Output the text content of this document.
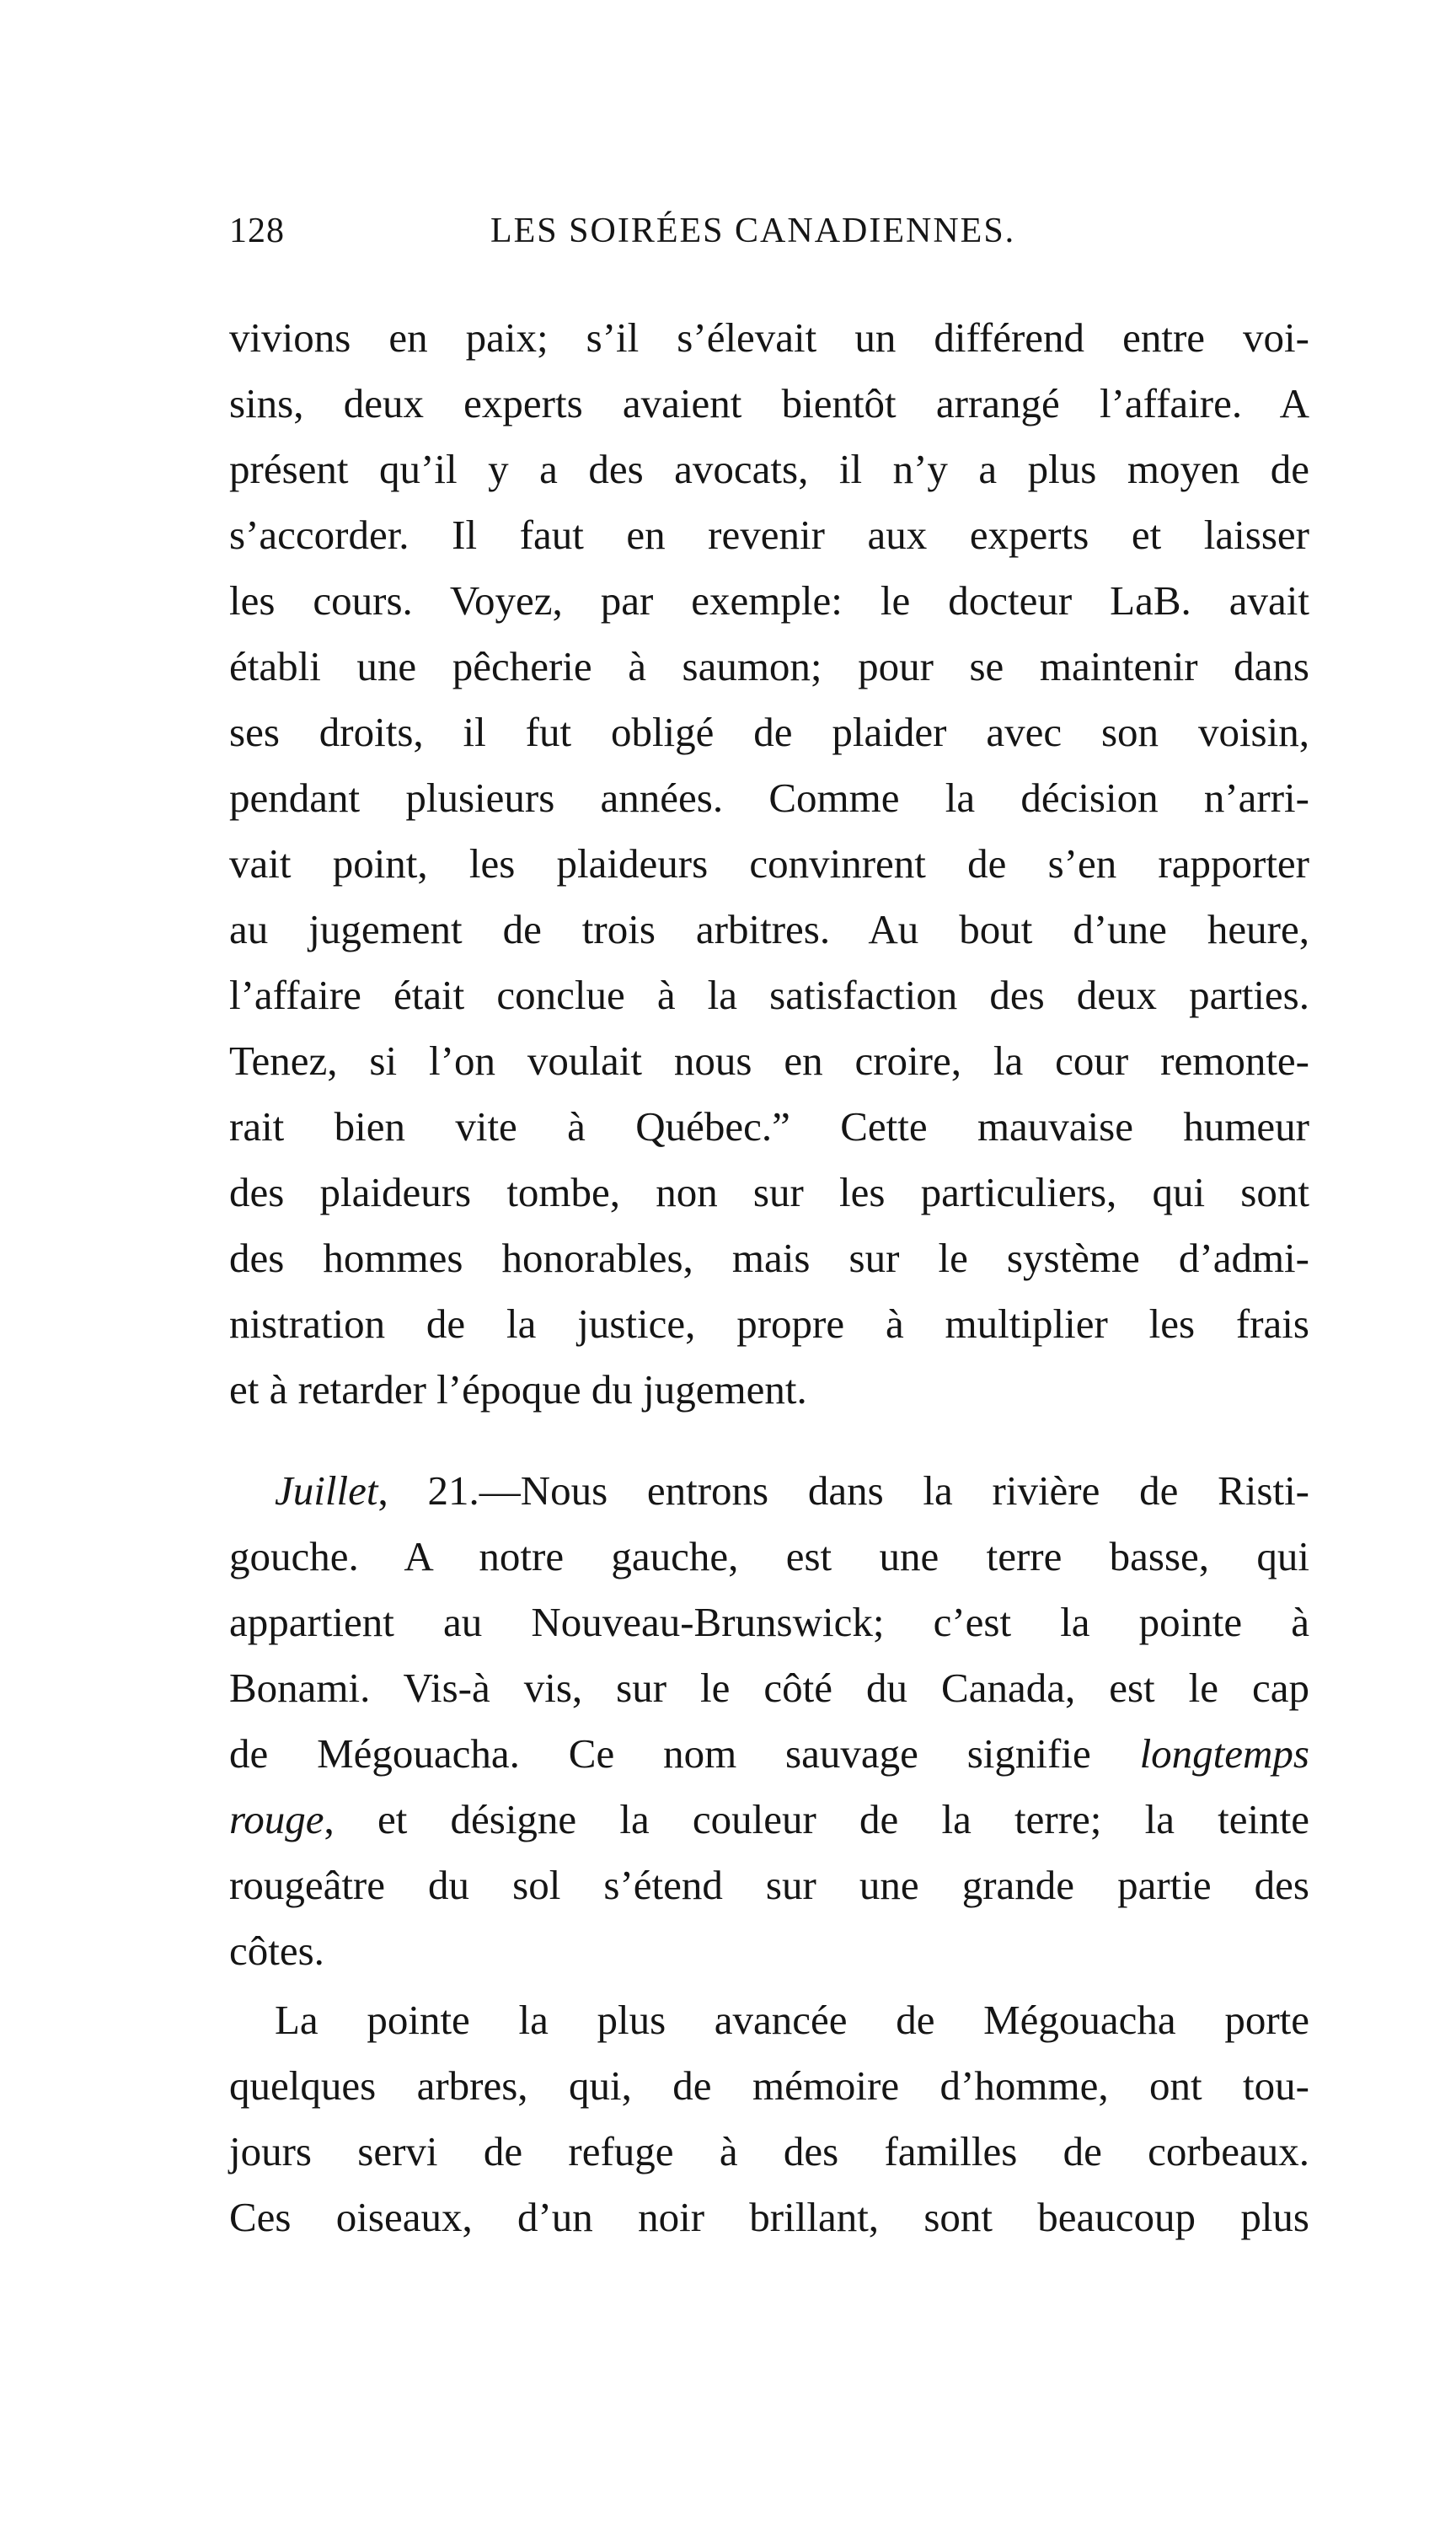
128	LES SOIRÉES CANADIENNES.
vivions en paix; s’il s’élevait un différend entre voi-
sins, deux experts avaient bientôt arrangé l’affaire. A
présent qu’il y a des avocats, il n’y a plus moyen de
s’accorder. Il faut en revenir aux experts et laisser
les cours. Voyez, par exemple: le docteur LaB. avait
établi une pêcherie à saumon; pour se maintenir dans
ses droits, il fut obligé de plaider avec son voisin,
pendant plusieurs années. Comme la décision n’arri-
vait point, les plaideurs convinrent de s’en rapporter
au jugement de trois arbitres. Au bout d’une heure,
l’affaire était conclue à la satisfaction des deux parties.
Tenez, si l’on voulait nous en croire, la cour remonte-
rait bien vite à Québec.” Cette mauvaise humeur
des plaideurs tombe, non sur les particuliers, qui sont
des hommes honorables, mais sur le système d’admi-
nistration de la justice, propre à multiplier les frais
et à retarder l’époque du jugement.
Juillet, 21.—Nous entrons dans la rivière de Risti-
gouche. A notre gauche, est une terre basse, qui
appartient au Nouveau-Brunswick; c’est la pointe à
Bonami. Vis-à vis, sur le côté du Canada, est le cap
de Mégouacha. Ce nom sauvage signifie longtemps
rouge, et désigne la couleur de la terre; la teinte
rougeâtre du sol s’étend sur une grande partie des
côtes.
La pointe la plus avancée de Mégouacha porte
quelques arbres, qui, de mémoire d’homme, ont tou-
jours servi de refuge à des familles de corbeaux.
Ces oiseaux, d’un noir brillant, sont beaucoup plus
